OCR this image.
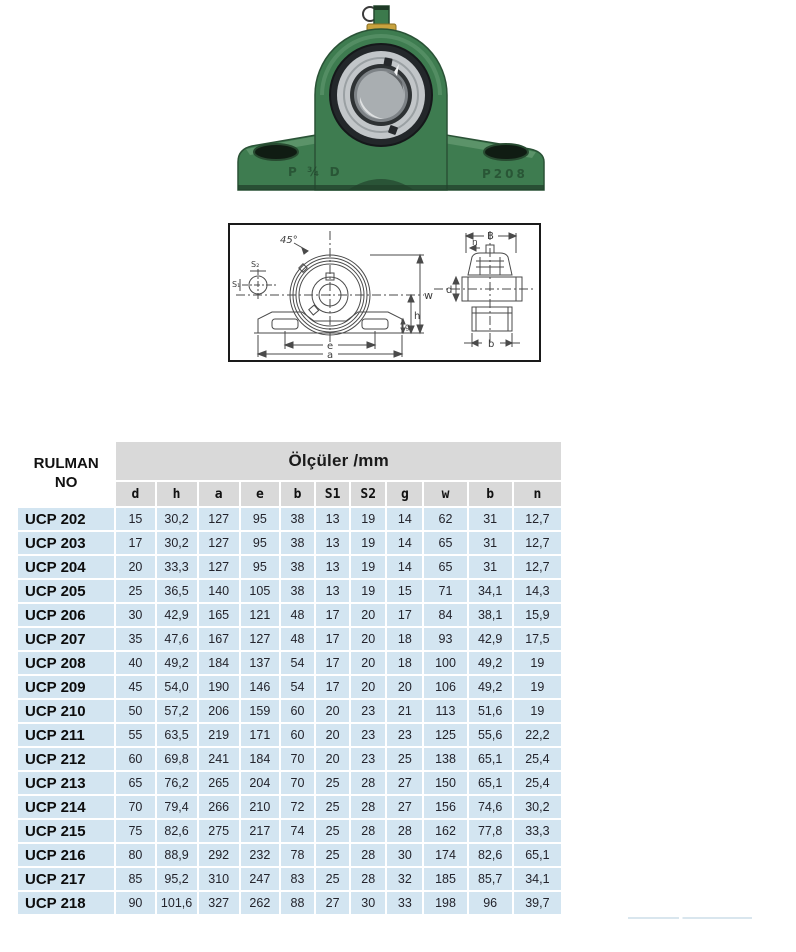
P ¾ D	P208
45°
S₂
S₁
w
h
g
e
a
B
n
d
b
RULMAN
NO	Ölçüler /mm										
	d	h	a	e	b	S1	S2	g	w	b	n
UCP 202	15	30,2	127	95	38	13	19	14	62	31	12,7
UCP 203	17	30,2	127	95	38	13	19	14	65	31	12,7
UCP 204	20	33,3	127	95	38	13	19	14	65	31	12,7
UCP 205	25	36,5	140	105	38	13	19	15	71	34,1	14,3
UCP 206	30	42,9	165	121	48	17	20	17	84	38,1	15,9
UCP 207	35	47,6	167	127	48	17	20	18	93	42,9	17,5
UCP 208	40	49,2	184	137	54	17	20	18	100	49,2	19
UCP 209	45	54,0	190	146	54	17	20	20	106	49,2	19
UCP 210	50	57,2	206	159	60	20	23	21	113	51,6	19
UCP 211	55	63,5	219	171	60	20	23	23	125	55,6	22,2
UCP 212	60	69,8	241	184	70	20	23	25	138	65,1	25,4
UCP 213	65	76,2	265	204	70	25	28	27	150	65,1	25,4
UCP 214	70	79,4	266	210	72	25	28	27	156	74,6	30,2
UCP 215	75	82,6	275	217	74	25	28	28	162	77,8	33,3
UCP 216	80	88,9	292	232	78	25	28	30	174	82,6	65,1
UCP 217	85	95,2	310	247	83	25	28	32	185	85,7	34,1
UCP 218	90	101,6	327	262	88	27	30	33	198	96	39,7
